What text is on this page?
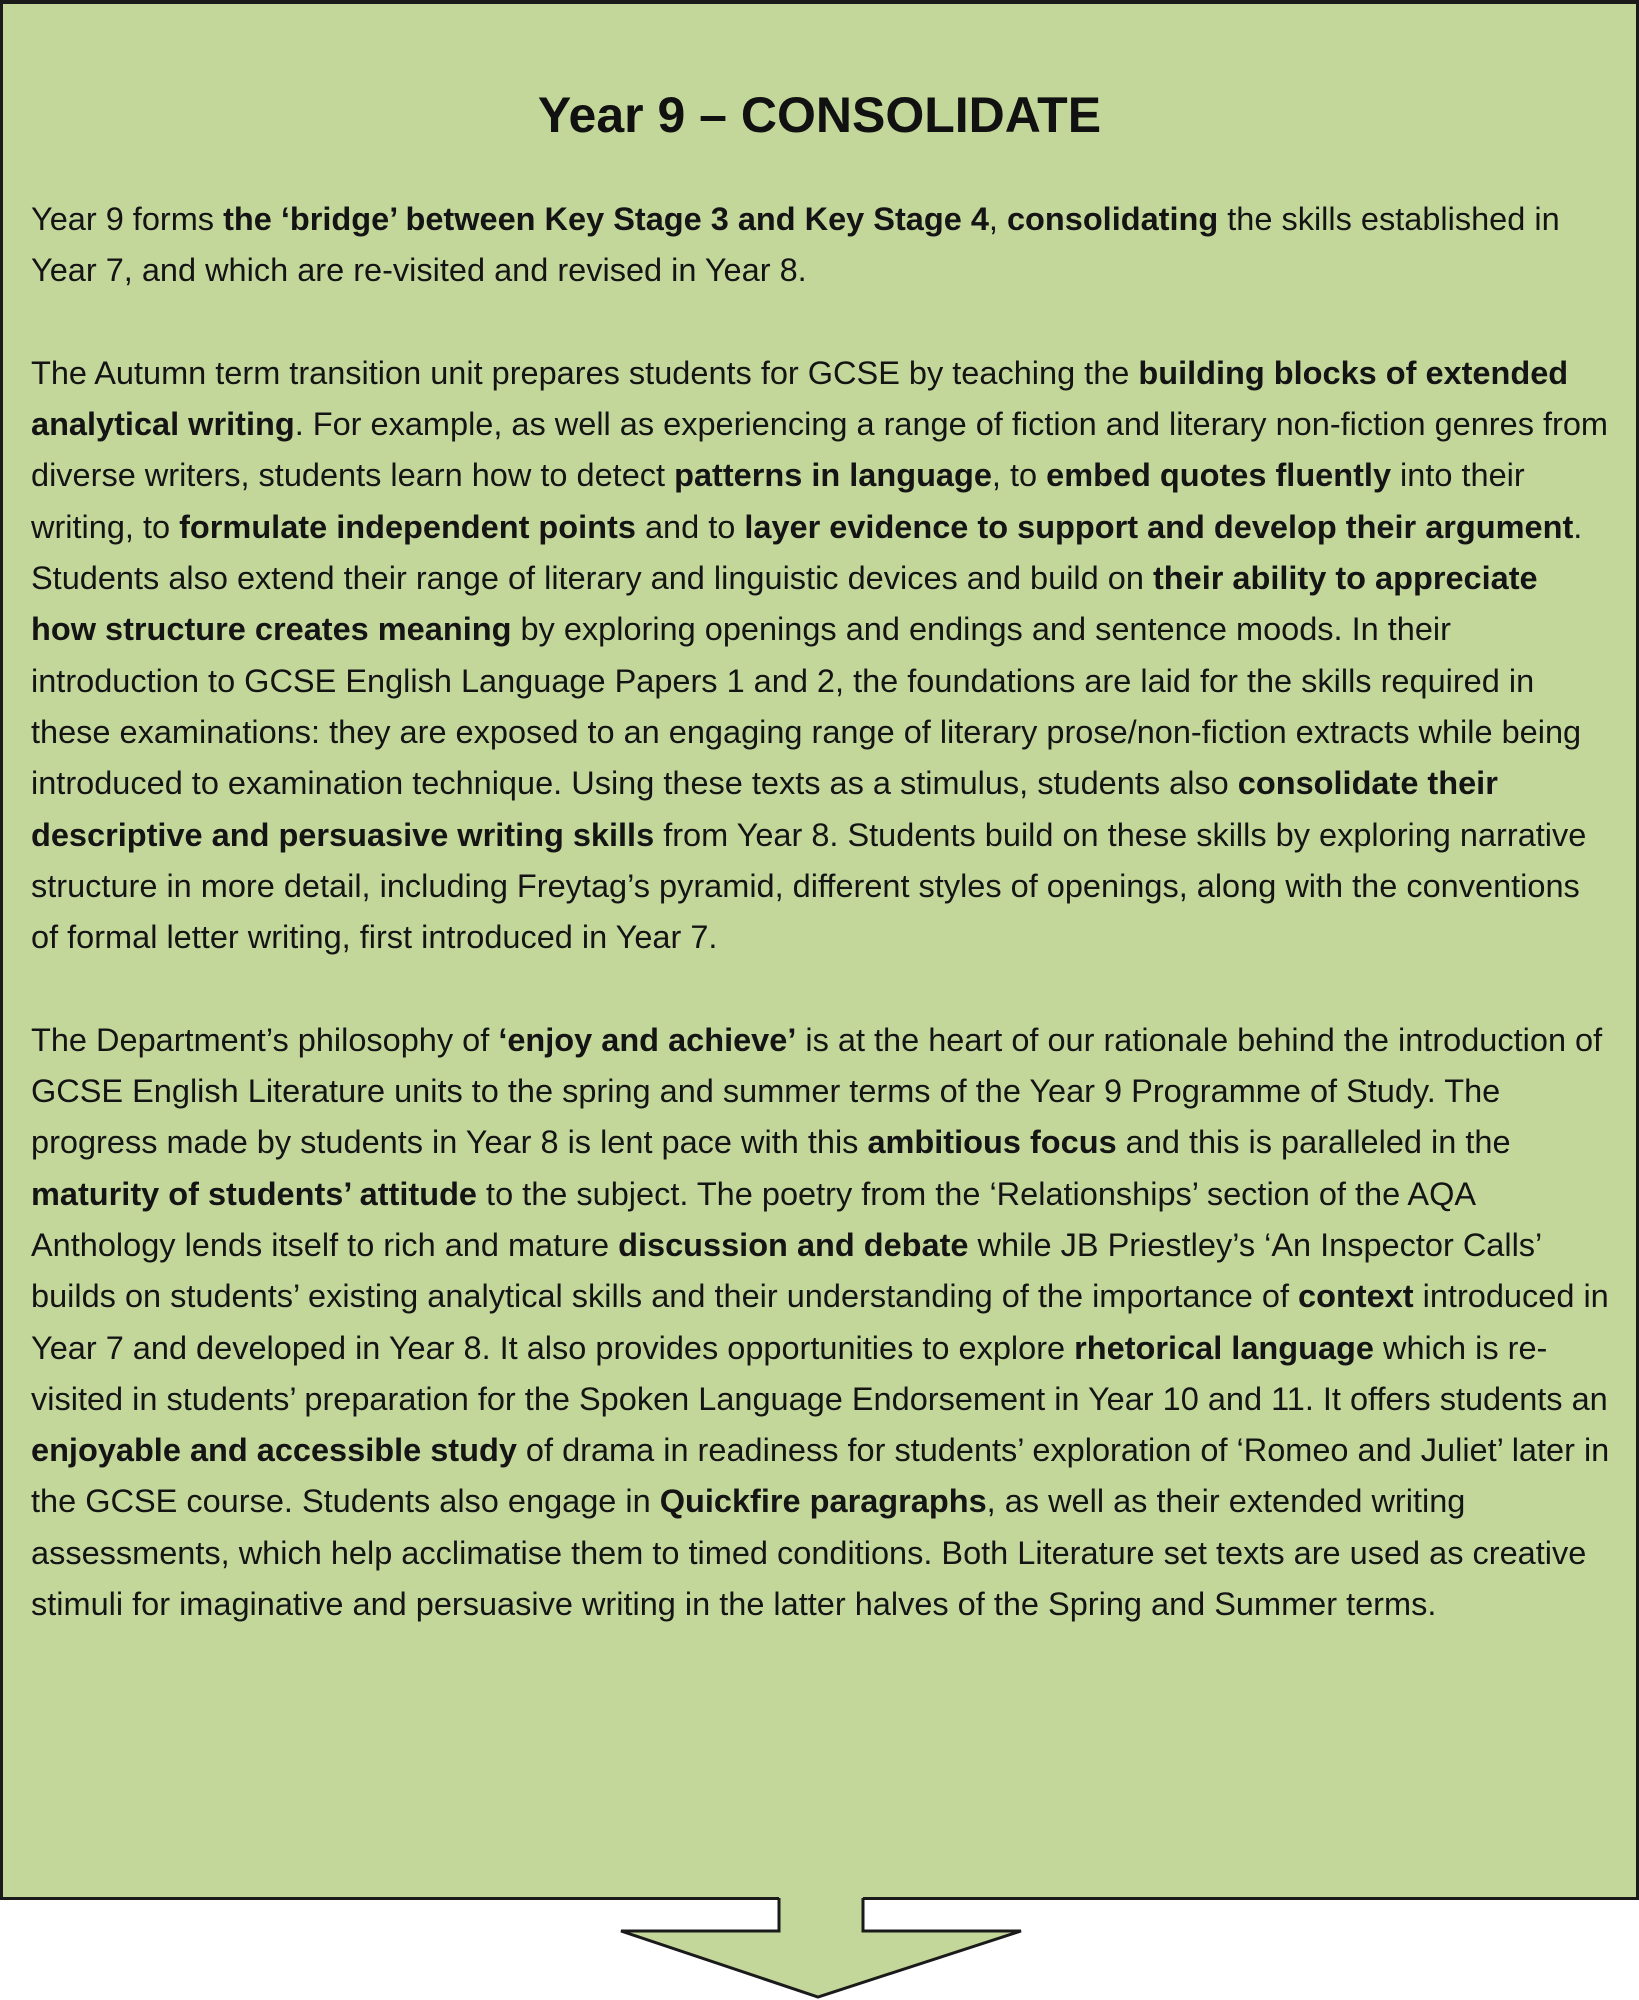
Year 9 – CONSOLIDATE

Year 9 forms the ‘bridge’ between Key Stage 3 and Key Stage 4, consolidating the skills established in Year 7, and which are re-visited and revised in Year 8.

The Autumn term transition unit prepares students for GCSE by teaching the building blocks of extended analytical writing. For example, as well as experiencing a range of fiction and literary non-fiction genres from diverse writers, students learn how to detect patterns in language, to embed quotes fluently into their writing, to formulate independent points and to layer evidence to support and develop their argument. Students also extend their range of literary and linguistic devices and build on their ability to appreciate how structure creates meaning by exploring openings and endings and sentence moods. In their introduction to GCSE English Language Papers 1 and 2, the foundations are laid for the skills required in these examinations: they are exposed to an engaging range of literary prose/non-fiction extracts while being introduced to examination technique. Using these texts as a stimulus, students also consolidate their descriptive and persuasive writing skills from Year 8. Students build on these skills by exploring narrative structure in more detail, including Freytag’s pyramid, different styles of openings, along with the conventions of formal letter writing, first introduced in Year 7.

The Department’s philosophy of ‘enjoy and achieve’ is at the heart of our rationale behind the introduction of GCSE English Literature units to the spring and summer terms of the Year 9 Programme of Study. The progress made by students in Year 8 is lent pace with this ambitious focus and this is paralleled in the maturity of students’ attitude to the subject. The poetry from the ‘Relationships’ section of the AQA Anthology lends itself to rich and mature discussion and debate while JB Priestley’s ‘An Inspector Calls’ builds on students’ existing analytical skills and their understanding of the importance of context introduced in Year 7 and developed in Year 8. It also provides opportunities to explore rhetorical language which is re-visited in students’ preparation for the Spoken Language Endorsement in Year 10 and 11. It offers students an enjoyable and accessible study of drama in readiness for students’ exploration of ‘Romeo and Juliet’ later in the GCSE course. Students also engage in Quickfire paragraphs, as well as their extended writing assessments, which help acclimatise them to timed conditions. Both Literature set texts are used as creative stimuli for imaginative and persuasive writing in the latter halves of the Spring and Summer terms.
